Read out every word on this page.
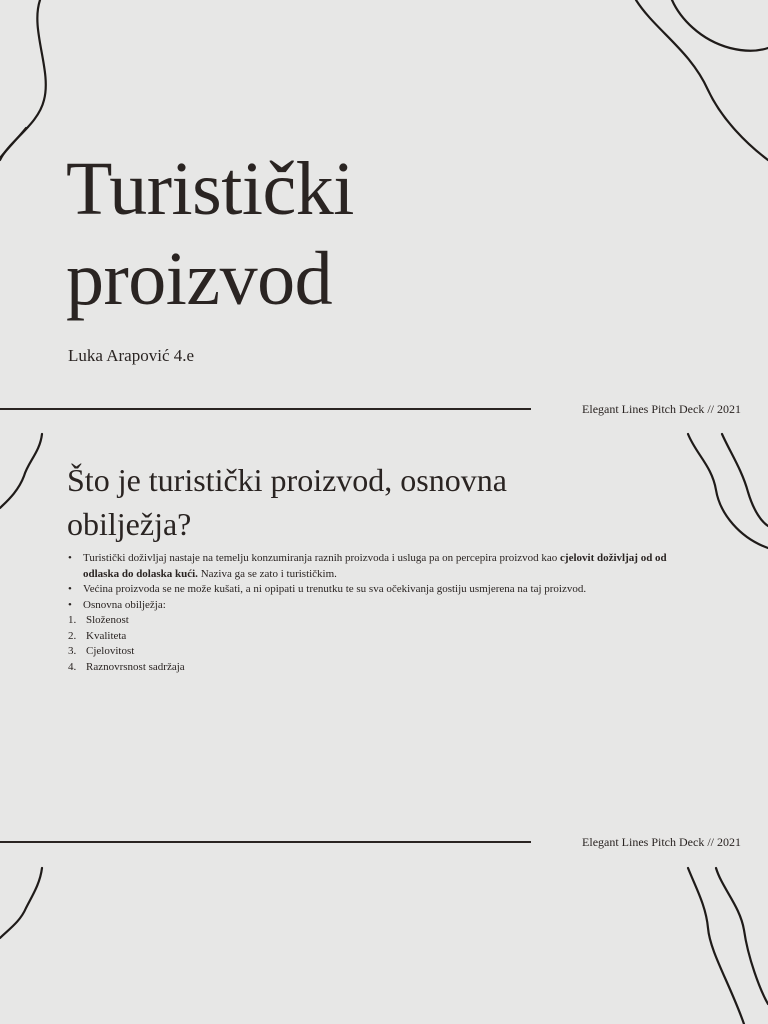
Turistički
proizvod

Luka Arapović 4.e

Elegant Lines Pitch Deck // 2021
Što je turistički proizvod, osnovna obilježja?
• Turistički doživljaj nastaje na temelju konzumiranja raznih proizvoda i usluga pa on percepira proizvod kao cjelovit doživljaj od od odlaska do dolaska kući. Naziva ga se zato i turističkim.
• Većina proizvoda se ne može kušati, a ni opipati u trenutku te su sva očekivanja gostiju usmjerena na taj proizvod.
• Osnovna obilježja:
1. Složenost
2. Kvaliteta
3. Cjelovitost
4. Raznovrsnost sadržaja
Elegant Lines Pitch Deck // 2021
